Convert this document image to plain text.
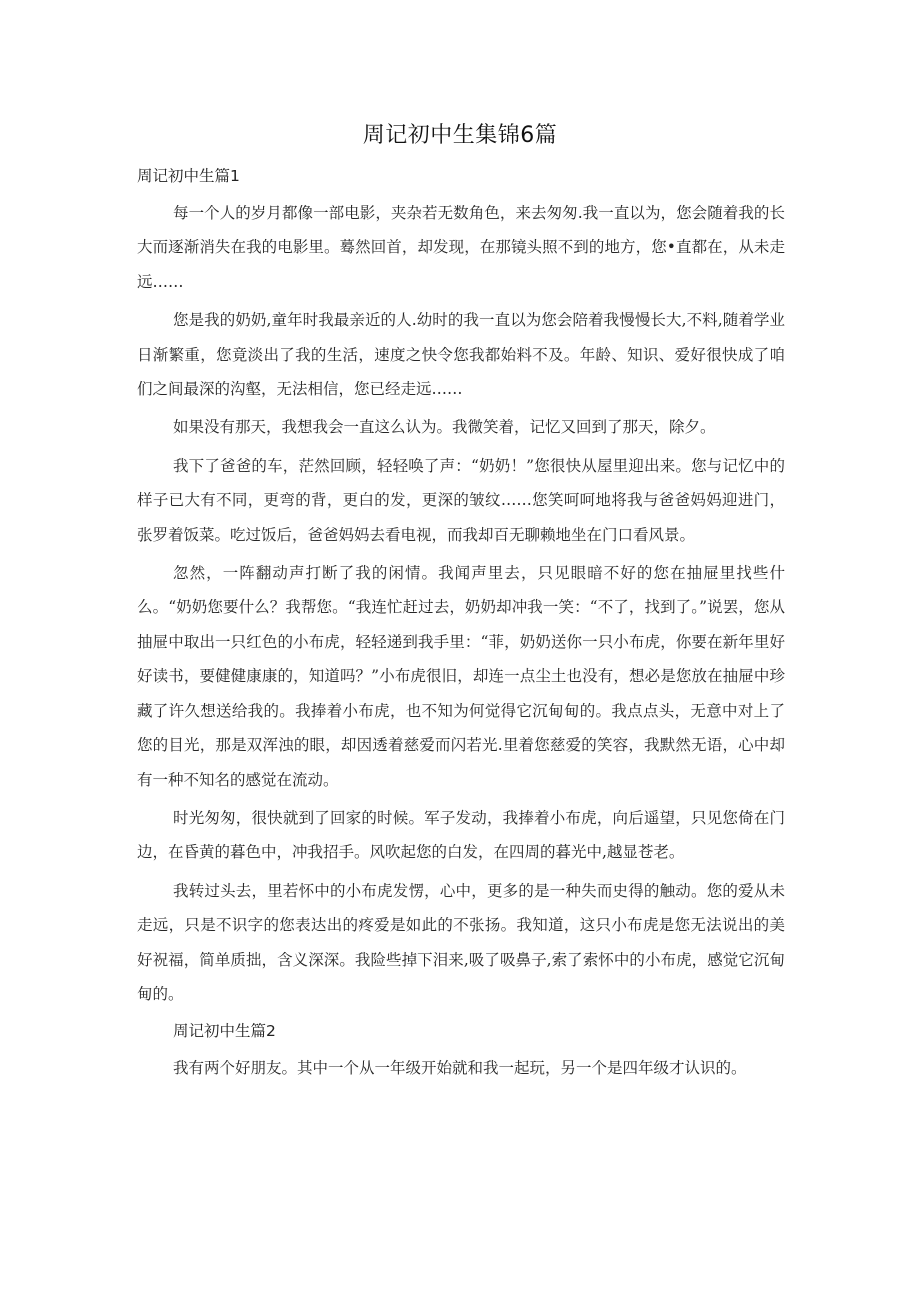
周记初中生集锦6篇
周记初中生篇1

每一个人的岁月都像一部电影，夹杂若无数角色，来去匆匆.我一直以为，您会随着我的长大而逐渐消失在我的电影里。蓦然回首，却发现，在那镜头照不到的地方，您•直都在，从未走远……

您是我的奶奶,童年时我最亲近的人.幼时的我一直以为您会陪着我慢慢长大,不料,随着学业日渐繁重，您竟淡出了我的生活，速度之快令您我都始料不及。年龄、知识、爱好很快成了咱们之间最深的沟壑，无法相信，您已经走远……

如果没有那天，我想我会一直这么认为。我微笑着，记忆又回到了那天，除夕。

我下了爸爸的车，茫然回顾，轻轻唤了声：“奶奶！”您很快从屋里迎出来。您与记忆中的样子已大有不同，更弯的背，更白的发，更深的皱纹……您笑呵呵地将我与爸爸妈妈迎进门，张罗着饭菜。吃过饭后，爸爸妈妈去看电视，而我却百无聊赖地坐在门口看风景。

忽然，一阵翻动声打断了我的闲情。我闻声里去，只见眼暗不好的您在抽屉里找些什么。“奶奶您要什么？我帮您。“我连忙赶过去，奶奶却冲我一笑：“不了，找到了。”说罢，您从抽屉中取出一只红色的小布虎，轻轻递到我手里：“菲，奶奶送你一只小布虎，你要在新年里好好读书，要健健康康的，知道吗？”小布虎很旧，却连一点尘土也没有，想必是您放在抽屉中珍藏了许久想送给我的。我捧着小布虎，也不知为何觉得它沉甸甸的。我点点头，无意中对上了您的目光，那是双浑浊的眼，却因透着慈爱而闪若光.里着您慈爱的笑容，我默然无语，心中却有一种不知名的感觉在流动。

时光匆匆，很快就到了回家的时候。军子发动，我捧着小布虎，向后遥望，只见您倚在门边，在昏黄的暮色中，冲我招手。风吹起您的白发，在四周的暮光中,越显苍老。

我转过头去，里若怀中的小布虎发愣，心中，更多的是一种失而史得的触动。您的爱从未走远，只是不识字的您表达出的疼爱是如此的不张扬。我知道，这只小布虎是您无法说出的美好祝福，简单质拙，含义深深。我险些掉下泪来,吸了吸鼻子,索了索怀中的小布虎，感觉它沉甸甸的。

周记初中生篇2

我有两个好朋友。其中一个从一年级开始就和我一起玩，另一个是四年级才认识的。
